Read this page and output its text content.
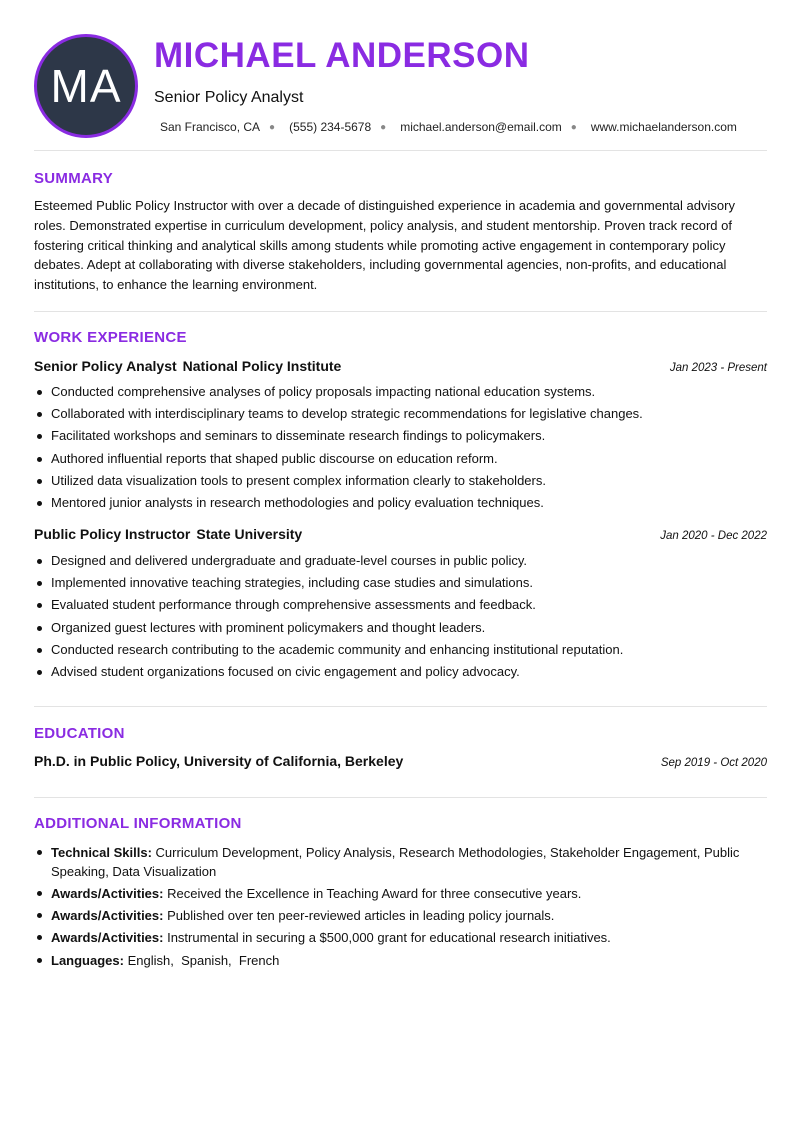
MA
MICHAEL ANDERSON
Senior Policy Analyst
San Francisco, CA ● (555) 234-5678 ● michael.anderson@email.com ● www.michaelanderson.com
SUMMARY
Esteemed Public Policy Instructor with over a decade of distinguished experience in academia and governmental advisory roles. Demonstrated expertise in curriculum development, policy analysis, and student mentorship. Proven track record of fostering critical thinking and analytical skills among students while promoting active engagement in contemporary policy debates. Adept at collaborating with diverse stakeholders, including governmental agencies, non-profits, and educational institutions, to enhance the learning environment.
WORK EXPERIENCE
Senior Policy Analyst National Policy Institute	Jan 2023 - Present
Conducted comprehensive analyses of policy proposals impacting national education systems.
Collaborated with interdisciplinary teams to develop strategic recommendations for legislative changes.
Facilitated workshops and seminars to disseminate research findings to policymakers.
Authored influential reports that shaped public discourse on education reform.
Utilized data visualization tools to present complex information clearly to stakeholders.
Mentored junior analysts in research methodologies and policy evaluation techniques.
Public Policy Instructor State University	Jan 2020 - Dec 2022
Designed and delivered undergraduate and graduate-level courses in public policy.
Implemented innovative teaching strategies, including case studies and simulations.
Evaluated student performance through comprehensive assessments and feedback.
Organized guest lectures with prominent policymakers and thought leaders.
Conducted research contributing to the academic community and enhancing institutional reputation.
Advised student organizations focused on civic engagement and policy advocacy.
EDUCATION
Ph.D. in Public Policy, University of California, Berkeley	Sep 2019 - Oct 2020
ADDITIONAL INFORMATION
Technical Skills: Curriculum Development, Policy Analysis, Research Methodologies, Stakeholder Engagement, Public Speaking, Data Visualization
Awards/Activities: Received the Excellence in Teaching Award for three consecutive years.
Awards/Activities: Published over ten peer-reviewed articles in leading policy journals.
Awards/Activities: Instrumental in securing a $500,000 grant for educational research initiatives.
Languages: English,  Spanish,  French
